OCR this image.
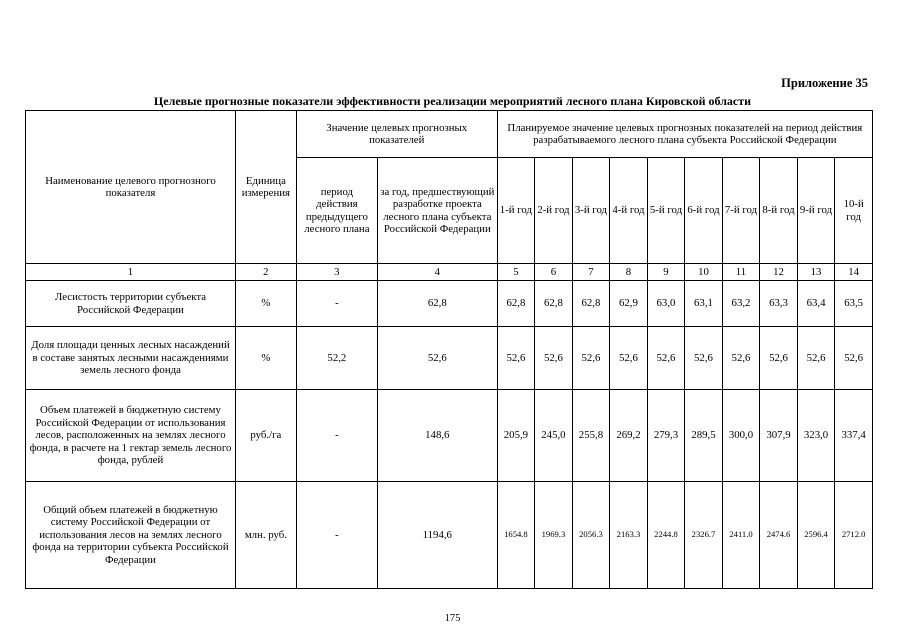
Приложение 35
Целевые прогнозные показатели эффективности реализации мероприятий лесного плана Кировской области
Наименование целевого прогнозного показателя	Единица измерения	Значение целевых прогнозных показателей		Планируемое значение целевых прогнозных показателей на период действия разрабатываемого лесного плана субъекта Российской Федерации									
		период действия предыдущего лесного плана	за год, предшествующий разработке проекта лесного плана субъекта Российской Федерации	1-й год	2-й год	3-й год	4-й год	5-й год	6-й год	7-й год	8-й год	9-й год	10-й год
1	2	3	4	5	6	7	8	9	10	11	12	13	14
Лесистость территории субъекта Российской Федерации	%	-	62,8	62,8	62,8	62,8	62,9	63,0	63,1	63,2	63,3	63,4	63,5
Доля площади ценных лесных насаждений в составе занятых лесными насаждениями земель лесного фонда	%	52,2	52,6	52,6	52,6	52,6	52,6	52,6	52,6	52,6	52,6	52,6	52,6
Объем платежей в бюджетную систему Российской Федерации от использования лесов, расположенных на землях лесного фонда, в расчете на 1 гектар земель лесного фонда, рублей	руб./га	-	148,6	205,9	245,0	255,8	269,2	279,3	289,5	300,0	307,9	323,0	337,4
Общий объем платежей в бюджетную систему Российской Федерации от использования лесов на землях лесного фонда на территории субъекта Российской Федерации	млн. руб.	-	1194,6	1654.8	1969.3	2056.3	2163.3	2244.8	2326.7	2411.0	2474.6	2596.4	2712.0
175
